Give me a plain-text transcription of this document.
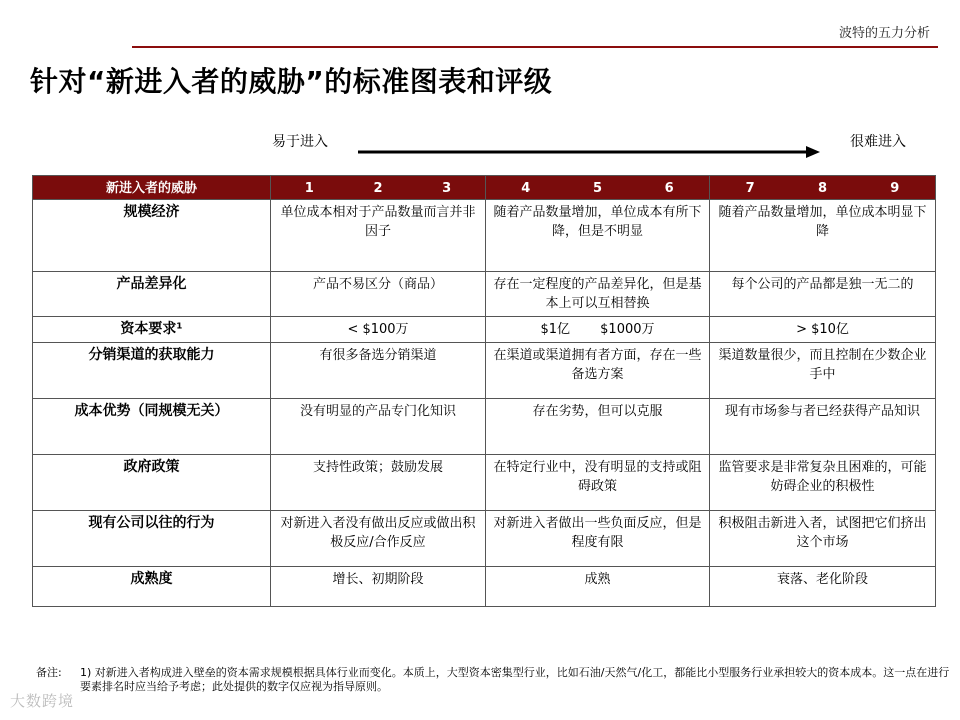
波特的五力分析
针对“新进入者的威胁”的标准图表和评级
易于进入	很难进入
新进入者的威胁	1 2 3	4 5 6	7 8 9

规模经济	单位成本相对于产品数量而言并非因子	随着产品数量增加，单位成本有所下降，但是不明显	随着产品数量增加，单位成本明显下降
产品差异化	产品不易区分（商品）	存在一定程度的产品差异化，但是基本上可以互相替换	每个公司的产品都是独一无二的
资本要求¹	< $100万	$1亿　　 $1000万	> $10亿
分销渠道的获取能力	有很多备选分销渠道	在渠道或渠道拥有者方面，存在一些备选方案	渠道数量很少，而且控制在少数企业手中
成本优势（同规模无关）	没有明显的产品专门化知识	存在劣势，但可以克服	现有市场参与者已经获得产品知识
政府政策	支持性政策；鼓励发展	在特定行业中，没有明显的支持或阻碍政策	监管要求是非常复杂且困难的，可能妨碍企业的积极性
现有公司以往的行为	对新进入者没有做出反应或做出积极反应/合作反应	对新进入者做出一些负面反应，但是程度有限	积极阻击新进入者，试图把它们挤出这个市场
成熟度	增长、初期阶段	成熟	衰落、老化阶段
备注: 1) 对新进入者构成进入壁垒的资本需求规模根据具体行业而变化。本质上，大型资本密集型行业，比如石油/天然气/化工，都能比小型服务行业承担较大的资本成本。这一点在进行要素排名时应当给予考虑；此处提供的数字仅应视为指导原则。
大数跨境
